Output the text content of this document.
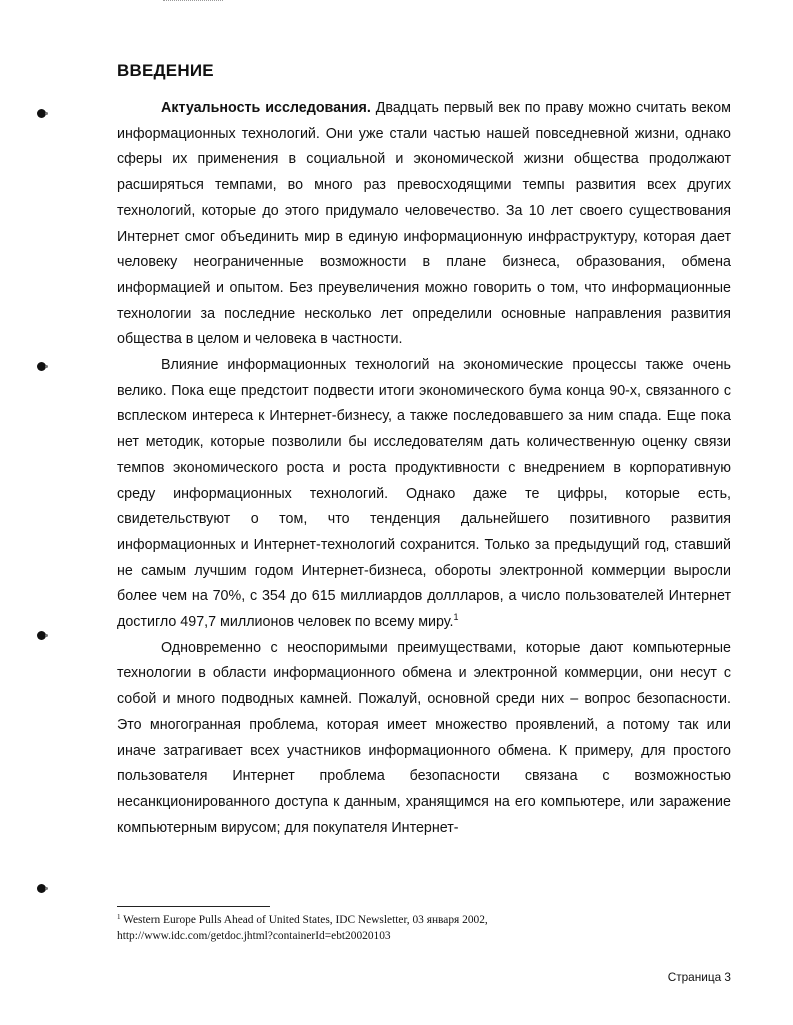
ВВЕДЕНИЕ

Актуальность исследования. Двадцать первый век по праву можно считать веком информационных технологий. Они уже стали частью нашей повседневной жизни, однако сферы их применения в социальной и экономической жизни общества продолжают расширяться темпами, во много раз превосходящими темпы развития всех других технологий, которые до этого придумало человечество. За 10 лет своего существования Интернет смог объединить мир в единую информационную инфраструктуру, которая дает человеку неограниченные возможности в плане бизнеса, образования, обмена информацией и опытом. Без преувеличения можно говорить о том, что информационные технологии за последние несколько лет определили основные направления развития общества в целом и человека в частности.

Влияние информационных технологий на экономические процессы также очень велико. Пока еще предстоит подвести итоги экономического бума конца 90-х, связанного с всплеском интереса к Интернет-бизнесу, а также последовавшего за ним спада. Еще пока нет методик, которые позволили бы исследователям дать количественную оценку связи темпов экономического роста и роста продуктивности с внедрением в корпоративную среду информационных технологий. Однако даже те цифры, которые есть, свидетельствуют о том, что тенденция дальнейшего позитивного развития информационных и Интернет-технологий сохранится. Только за предыдущий год, ставший не самым лучшим годом Интернет-бизнеса, обороты электронной коммерции выросли более чем на 70%, с 354 до 615 миллиардов доллларов, а число пользователей Интернет достигло 497,7 миллионов человек по всему миру.$^1$

Одновременно с неоспоримыми преимуществами, которые дают компьютерные технологии в области информационного обмена и электронной коммерции, они несут с собой и много подводных камней. Пожалуй, основной среди них – вопрос безопасности. Это многогранная проблема, которая имеет множество проявлений, а потому так или иначе затрагивает всех участников информационного обмена. К примеру, для простого пользователя Интернет проблема безопасности связана с возможностью несанкционированного доступа к данным, хранящимся на его компьютере, или заражение компьютерным вирусом; для покупателя Интернет-

$^1$ Western Europe Pulls Ahead of United States, IDC Newsletter, 03 января 2002,
http://www.idc.com/getdoc.jhtml?containerId=ebt20020103
Страница 3
